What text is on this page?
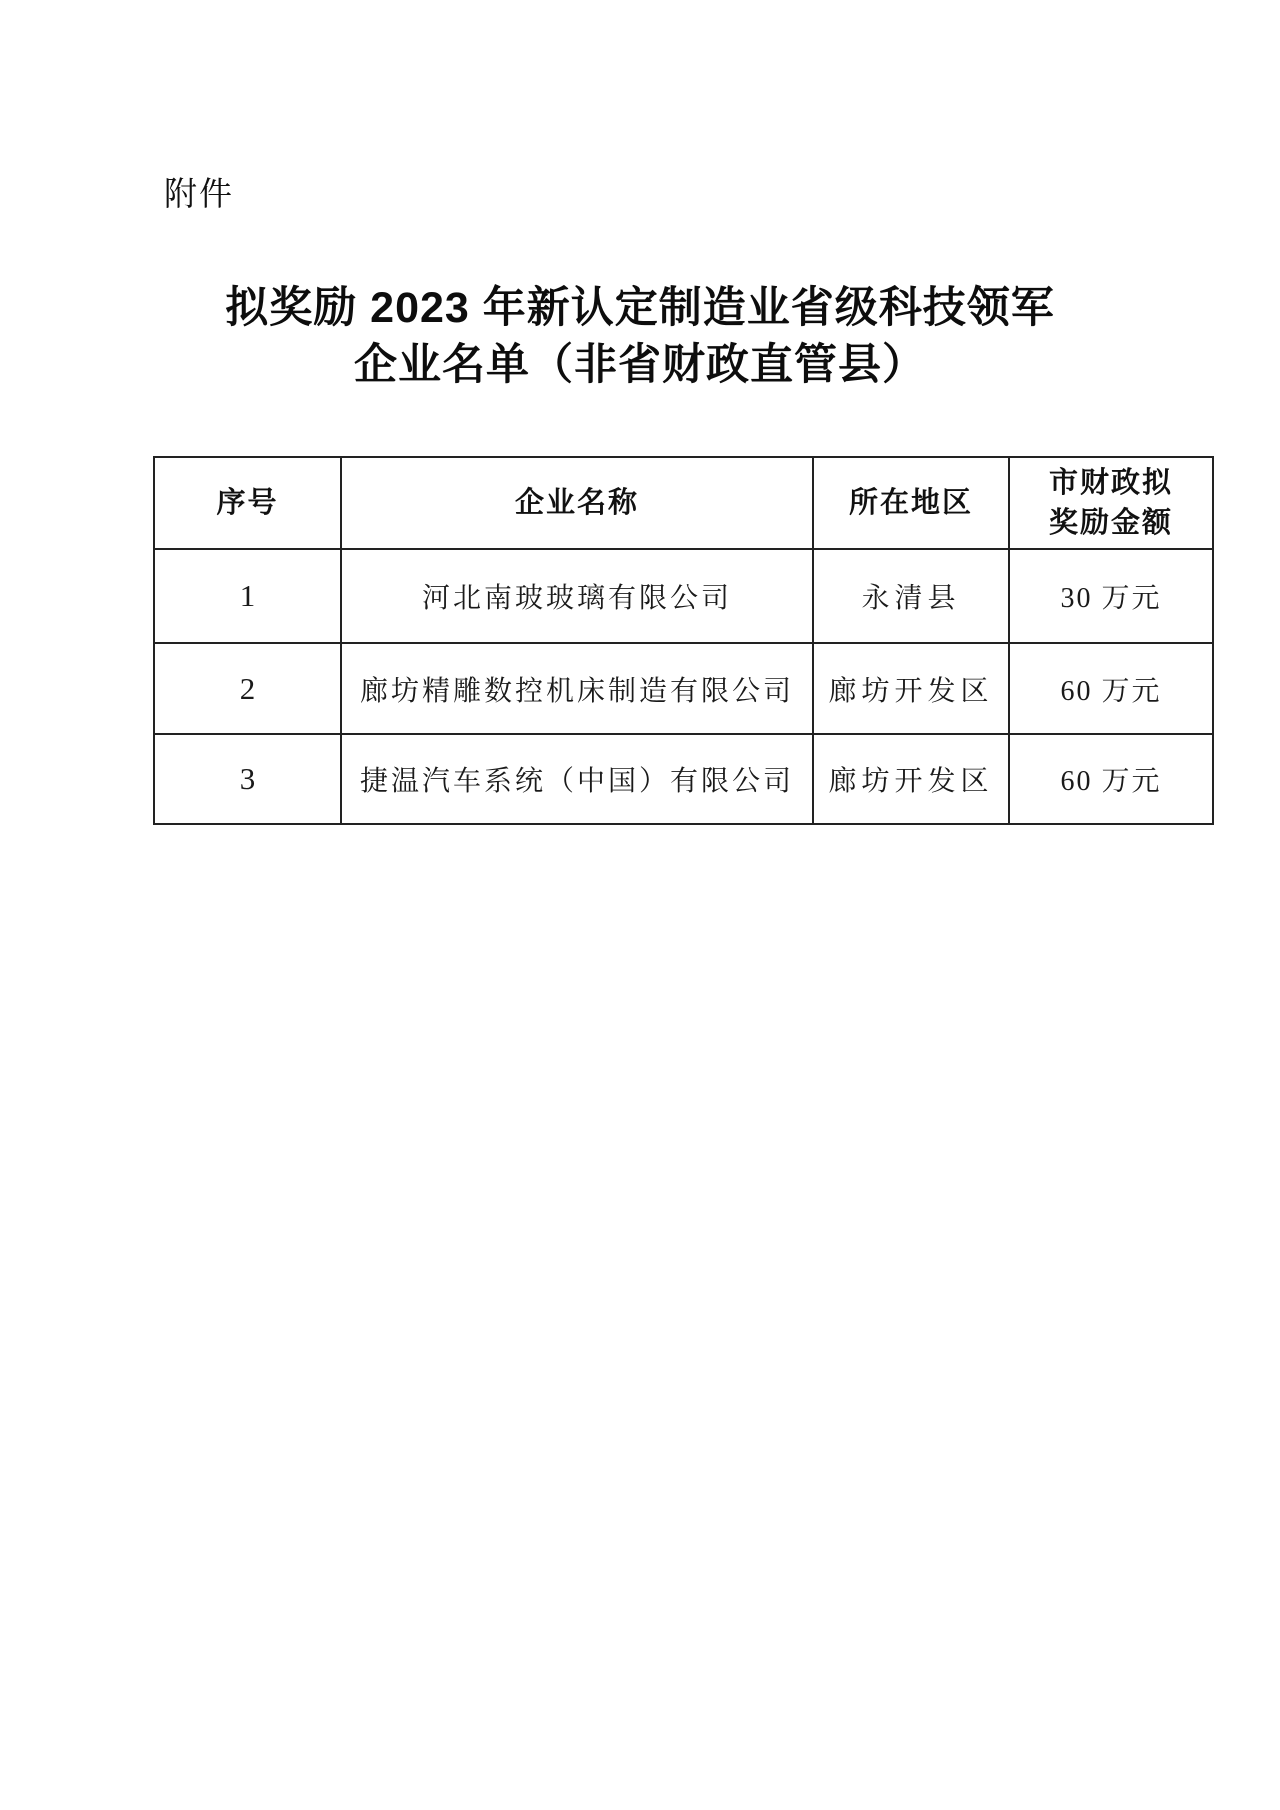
附件
拟奖励 2023 年新认定制造业省级科技领军
企业名单（非省财政直管县）
序号	企业名称	所在地区	市财政拟奖励金额
1	河北南玻玻璃有限公司	永清县	30 万元
2	廊坊精雕数控机床制造有限公司	廊坊开发区	60 万元
3	捷温汽车系统（中国）有限公司	廊坊开发区	60 万元
